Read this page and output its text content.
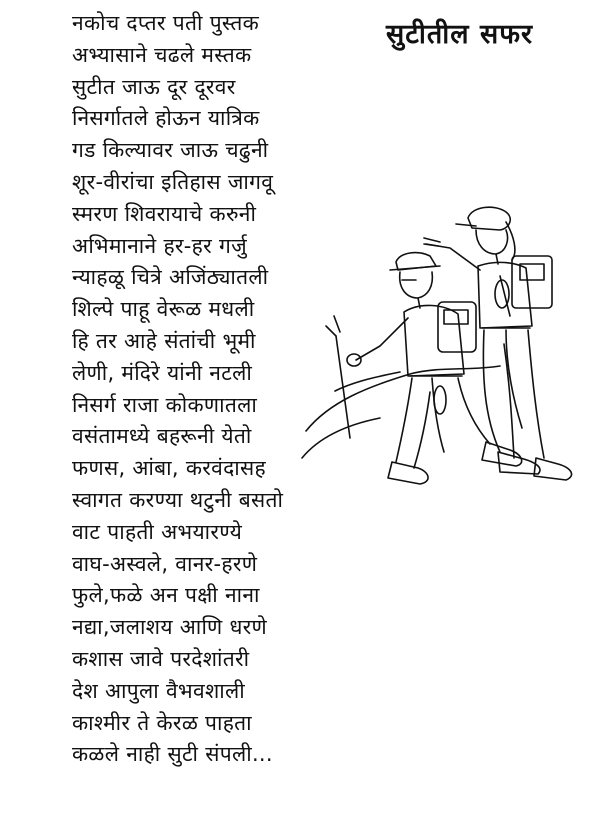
सुटीतील सफर
नकोच दप्तर पती पुस्तक
अभ्यासाने चढले मस्तक
सुटीत जाऊ दूर दूरवर
निसर्गातले होऊन यात्रिक
गड किल्यावर जाऊ चढुनी
शूर-वीरांचा इतिहास जागवू
स्मरण शिवरायाचे करुनी
अभिमानाने हर-हर गर्जु
न्याहळू चित्रे अजिंठ्यातली
शिल्पे पाहू वेरूळ मधली
हि तर आहे संतांची भूमी
लेणी, मंदिरे यांनी नटली
निसर्ग राजा कोकणातला
वसंतामध्ये बहरूनी येतो
फणस, आंबा, करवंदासह
स्वागत करण्या थटुनी बसतो
वाट पाहती अभयारण्ये
वाघ-अस्वले, वानर-हरणे
फुले,फळे अन पक्षी नाना
नद्या,जलाशय आणि धरणे
कशास जावे परदेशांतरी
देश आपुला वैभवशाली
काश्मीर ते केरळ पाहता
कळले नाही सुटी संपली...
